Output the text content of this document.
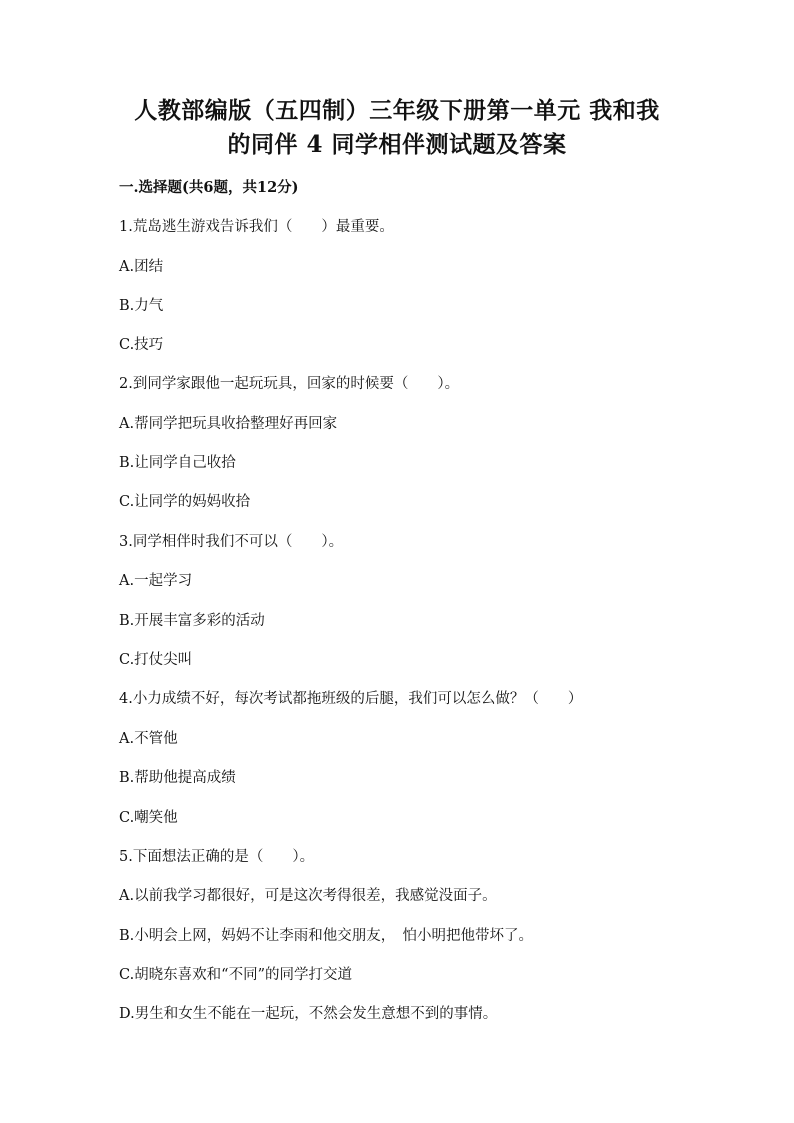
人教部编版（五四制）三年级下册第一单元 我和我
的同伴 4 同学相伴测试题及答案
一.选择题(共6题，共12分)
1.荒岛逃生游戏告诉我们（　　）最重要。
A.团结
B.力气
C.技巧
2.到同学家跟他一起玩玩具，回家的时候要（　　）。
A.帮同学把玩具收拾整理好再回家
B.让同学自己收拾
C.让同学的妈妈收拾
3.同学相伴时我们不可以（　　）。
A.一起学习
B.开展丰富多彩的活动
C.打仗尖叫
4.小力成绩不好，每次考试都拖班级的后腿，我们可以怎么做？（　　）
A.不管他
B.帮助他提高成绩
C.嘲笑他
5.下面想法正确的是（　　）。
A.以前我学习都很好，可是这次考得很差，我感觉没面子。
B.小明会上网，妈妈不让李雨和他交朋友，　怕小明把他带坏了。
C.胡晓东喜欢和“不同”的同学打交道
D.男生和女生不能在一起玩，不然会发生意想不到的事情。
